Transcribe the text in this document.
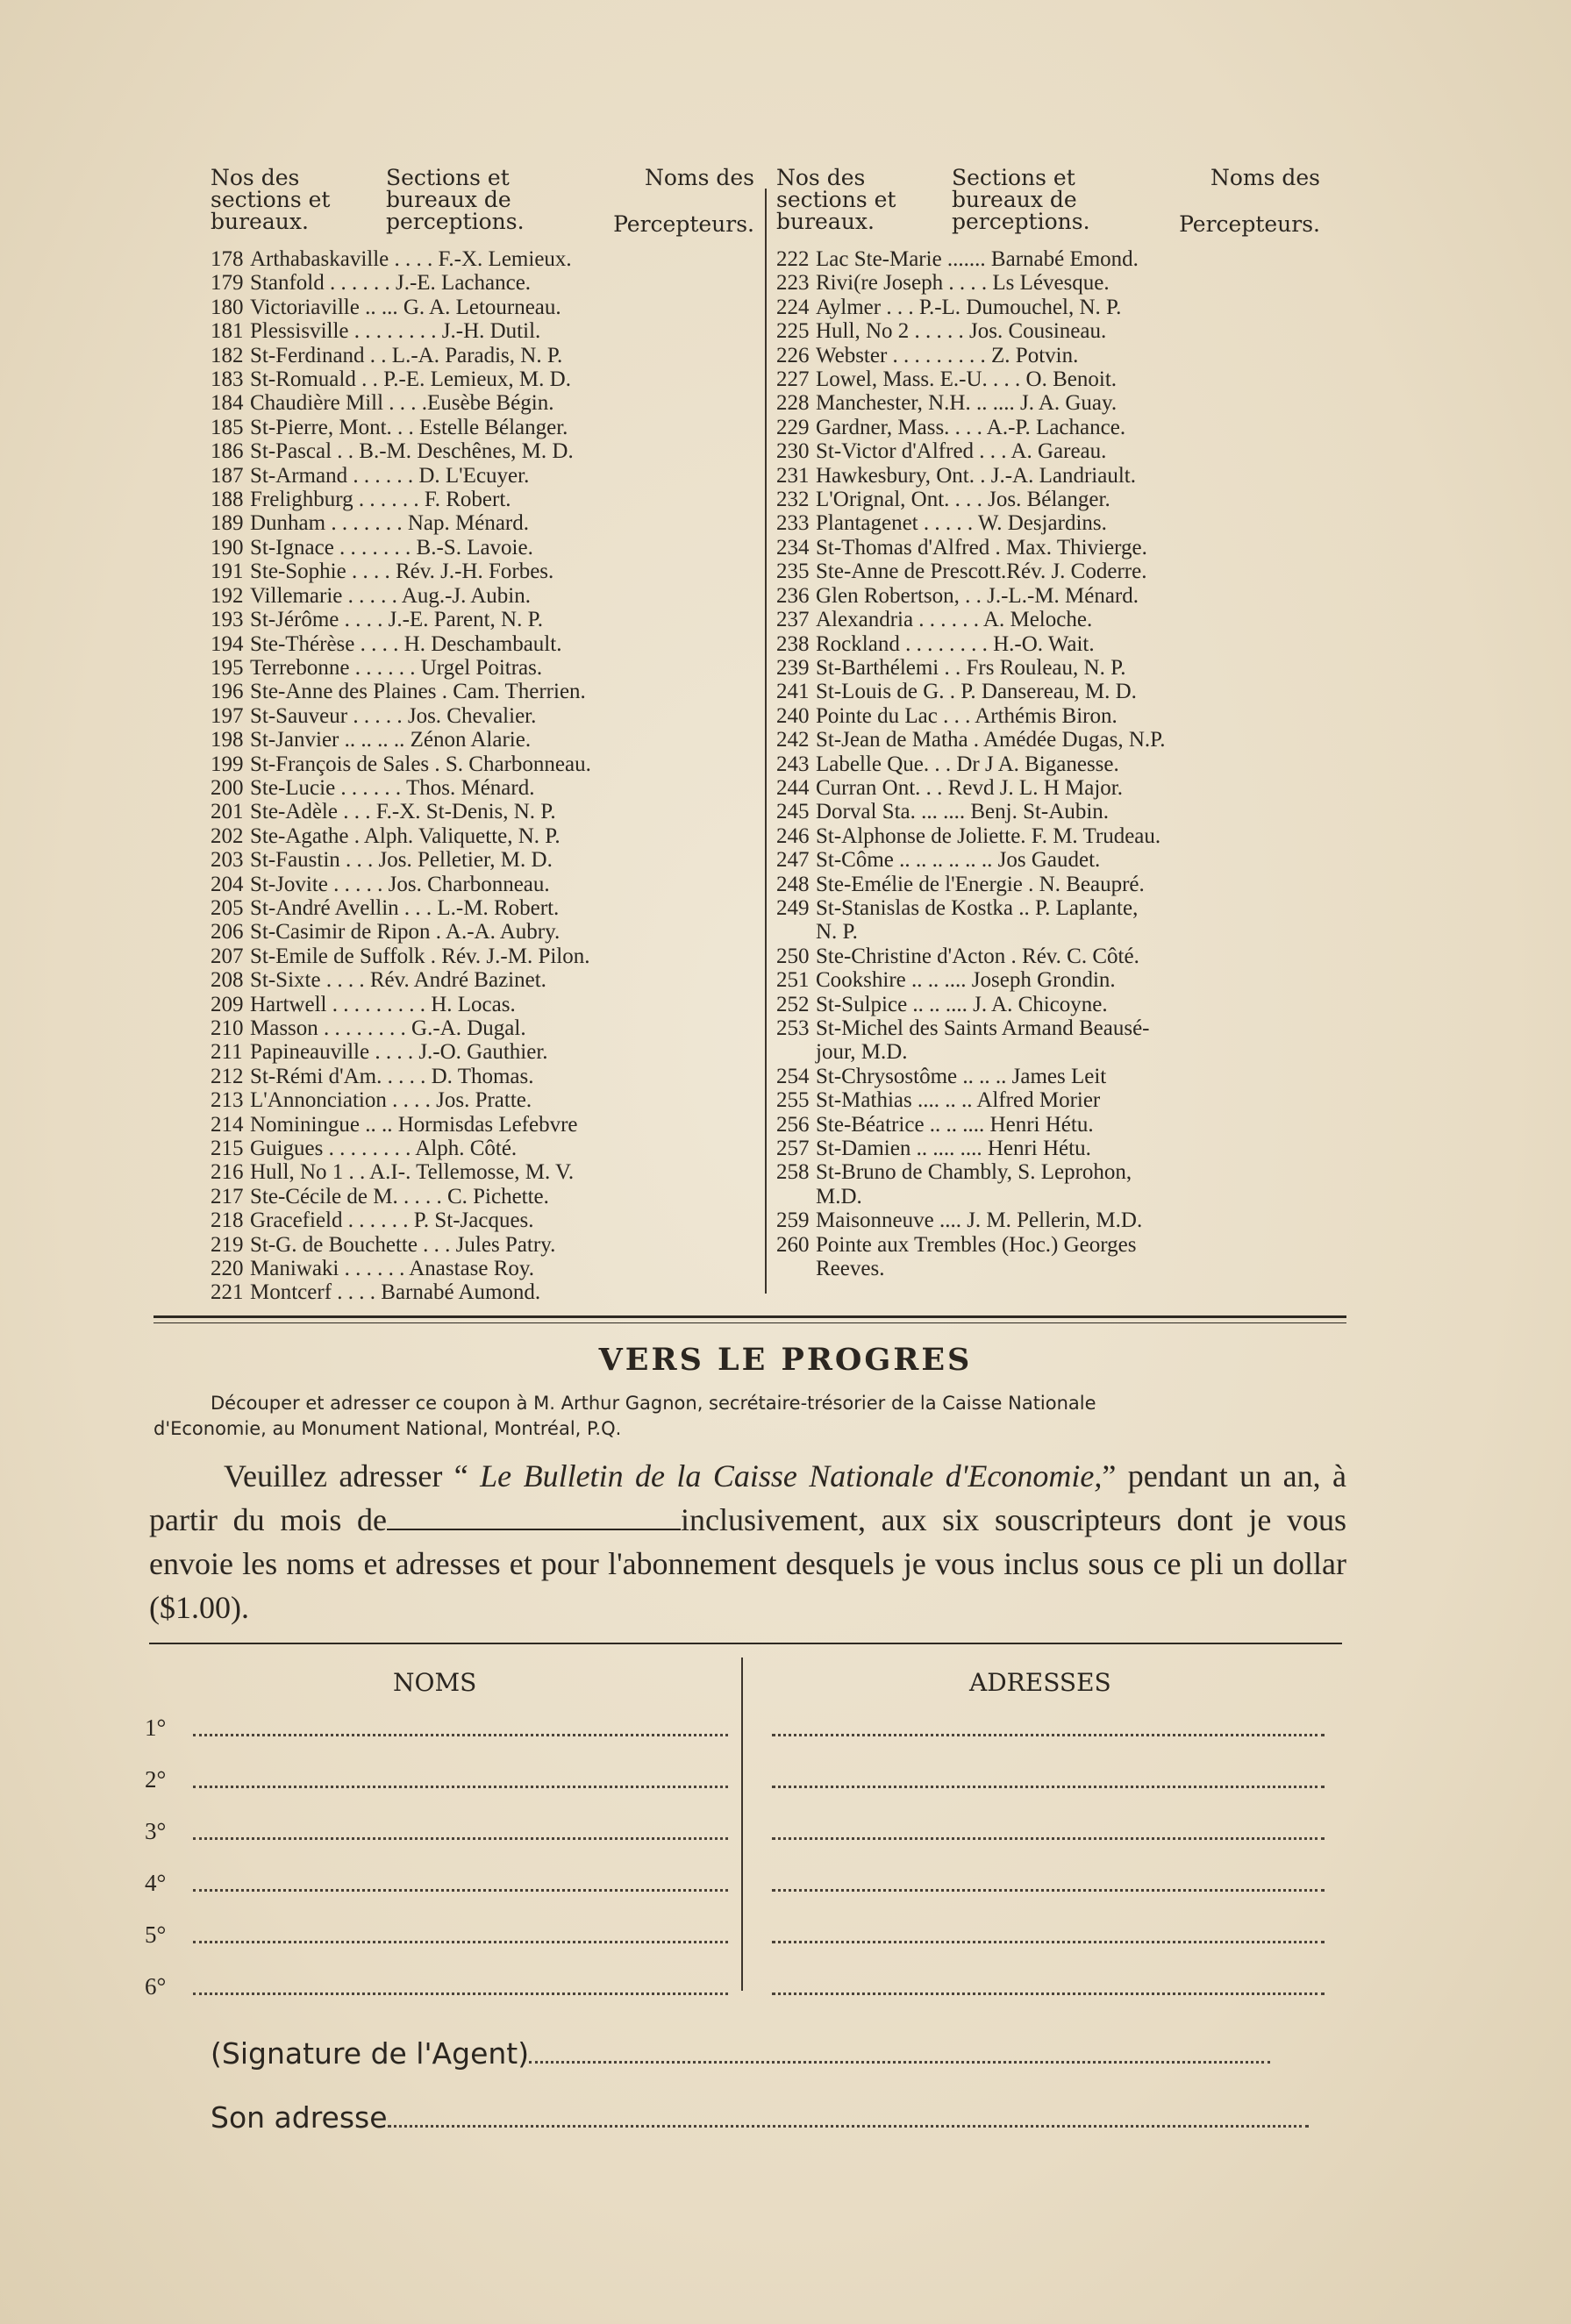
Nos des sections et bureaux.
Sections et bureaux de perceptions.
Noms des
Percepteurs.
178 Arthabaskaville . . . . F.-X. Lemieux.
179 Stanfold . . . . . . J.-E. Lachance.
180 Victoriaville .. ... G. A. Letourneau.
181 Plessisville . . . . . . . . J.-H. Dutil.
182 St-Ferdinand . . L.-A. Paradis, N. P.
183 St-Romuald . . P.-E. Lemieux, M. D.
184 Chaudière Mill . . . .Eusèbe Bégin.
185 St-Pierre, Mont. . . Estelle Bélanger.
186 St-Pascal . . B.-M. Deschênes, M. D.
187 St-Armand . . . . . . D. L'Ecuyer.
188 Frelighburg . . . . . . F. Robert.
189 Dunham . . . . . . . Nap. Ménard.
190 St-Ignace . . . . . . . B.-S. Lavoie.
191 Ste-Sophie . . . . Rév. J.-H. Forbes.
192 Villemarie . . . . . Aug.-J. Aubin.
193 St-Jérôme . . . . J.-E. Parent, N. P.
194 Ste-Thérèse . . . . H. Deschambault.
195 Terrebonne . . . . . . Urgel Poitras.
196 Ste-Anne des Plaines . Cam. Therrien.
197 St-Sauveur . . . . . Jos. Chevalier.
198 St-Janvier .. .. .. .. Zénon Alarie.
199 St-François de Sales . S. Charbonneau.
200 Ste-Lucie . . . . . . Thos. Ménard.
201 Ste-Adèle . . . F.-X. St-Denis, N. P.
202 Ste-Agathe . Alph. Valiquette, N. P.
203 St-Faustin . . . Jos. Pelletier, M. D.
204 St-Jovite . . . . . Jos. Charbonneau.
205 St-André Avellin . . . L.-M. Robert.
206 St-Casimir de Ripon . A.-A. Aubry.
207 St-Emile de Suffolk . Rév. J.-M. Pilon.
208 St-Sixte . . . . Rév. André Bazinet.
209 Hartwell . . . . . . . . . H. Locas.
210 Masson . . . . . . . . G.-A. Dugal.
211 Papineauville . . . . J.-O. Gauthier.
212 St-Rémi d'Am. . . . . D. Thomas.
213 L'Annonciation . . . . Jos. Pratte.
214 Nominingue .. .. Hormisdas Lefebvre
215 Guigues . . . . . . . . Alph. Côté.
216 Hull, No 1 . . A.I-. Tellemosse, M. V.
217 Ste-Cécile de M. . . . . C. Pichette.
218 Gracefield . . . . . . P. St-Jacques.
219 St-G. de Bouchette . . . Jules Patry.
220 Maniwaki . . . . . . Anastase Roy.
221 Montcerf . . . . Barnabé Aumond.
Nos des sections et bureaux.
Sections et bureaux de perceptions.
Noms des
Percepteurs.
222 Lac Ste-Marie ....... Barnabé Emond.
223 Rivi(re Joseph . . . . Ls Lévesque.
224 Aylmer . . . P.-L. Dumouchel, N. P.
225 Hull, No 2 . . . . . Jos. Cousineau.
226 Webster . . . . . . . . . Z. Potvin.
227 Lowel, Mass. E.-U. . . . O. Benoit.
228 Manchester, N.H. .. .... J. A. Guay.
229 Gardner, Mass. . . . A.-P. Lachance.
230 St-Victor d'Alfred . . . A. Gareau.
231 Hawkesbury, Ont. . J.-A. Landriault.
232 L'Orignal, Ont. . . . Jos. Bélanger.
233 Plantagenet . . . . . W. Desjardins.
234 St-Thomas d'Alfred . Max. Thivierge.
235 Ste-Anne de Prescott.Rév. J. Coderre.
236 Glen Robertson, . . J.-L.-M. Ménard.
237 Alexandria . . . . . . A. Meloche.
238 Rockland . . . . . . . . H.-O. Wait.
239 St-Barthélemi . . Frs Rouleau, N. P.
241 St-Louis de G. . P. Dansereau, M. D.
240 Pointe du Lac . . . Arthémis Biron.
242 St-Jean de Matha . Amédée Dugas, N.P.
243 Labelle Que. . . Dr J A. Biganesse.
244 Curran Ont. . . Revd J. L. H Major.
245 Dorval Sta. ... .... Benj. St-Aubin.
246 St-Alphonse de Joliette. F. M. Trudeau.
247 St-Côme .. .. .. .. .. .. Jos Gaudet.
248 Ste-Emélie de l'Energie . N. Beaupré.
249 St-Stanislas de Kostka .. P. Laplante,
N. P.
250 Ste-Christine d'Acton . Rév. C. Côté.
251 Cookshire .. .. .... Joseph Grondin.
252 St-Sulpice .. .. .... J. A. Chicoyne.
253 St-Michel des Saints Armand Beausé-
jour, M.D.
254 St-Chrysostôme .. .. .. James Leit
255 St-Mathias .... .. .. Alfred Morier
256 Ste-Béatrice .. .. .... Henri Hétu.
257 St-Damien .. .... .... Henri Hétu.
258 St-Bruno de Chambly, S. Leprohon,
M.D.
259 Maisonneuve .... J. M. Pellerin, M.D.
260 Pointe aux Trembles (Hoc.) Georges
Reeves.
VERS LE PROGRES
Découper et adresser ce coupon à M. Arthur Gagnon, secrétaire-trésorier de la Caisse Nationale
d'Economie, au Monument National, Montréal, P.Q.
Veuillez adresser “ Le Bulletin de la Caisse Nationale d'Economie,” pendant un an, à partir du mois de	inclusivement, aux six souscripteurs dont je vous envoie les noms et adresses et pour l'abonnement desquels je vous inclus sous ce pli un dollar ($1.00).
NOMS	ADRESSES
1°
2°
3°
4°
5°
6°
(Signature de l'Agent)
Son adresse
